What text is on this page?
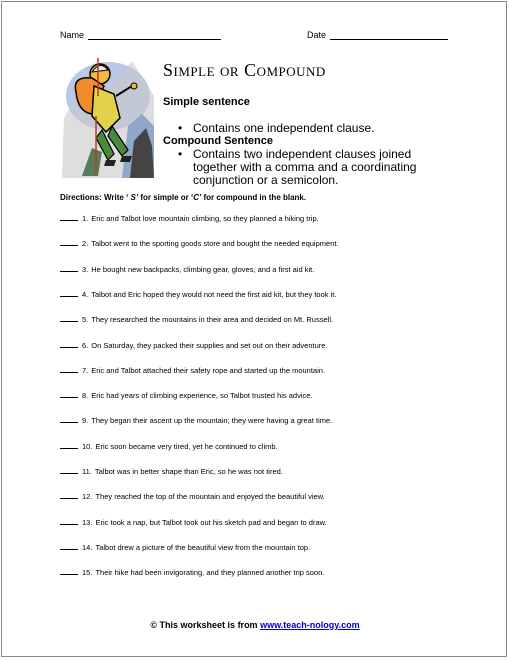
Name	Date
Simple or Compound
Simple sentence
• Contains one independent clause.
Compound Sentence
• Contains two independent clauses joined together with a comma and a coordinating conjunction or a semicolon.
Directions: Write ‘ S’ for simple or ‘C’ for compound in the blank.
1. Eric and Talbot love mountain climbing, so they planned a hiking trip.
2. Talbot went to the sporting goods store and bought the needed equipment.
3. He bought new backpacks, climbing gear, gloves, and a first aid kit.
4. Talbot and Eric hoped they would not need the first aid kit, but they took it.
5. They researched the mountains in their area and decided on Mt. Russell.
6. On Saturday, they packed their supplies and set out on their adventure.
7. Eric and Talbot attached their safety rope and started up the mountain.
8. Eric had years of climbing experience, so Talbot trusted his advice.
9. They began their ascent up the mountain; they were having a great time.
10. Eric soon became very tired, yet he continued to climb.
11. Talbot was in better shape than Eric, so he was not tired.
12. They reached the top of the mountain and enjoyed the beautiful view.
13. Eric took a nap, but Talbot took out his sketch pad and began to draw.
14. Talbot drew a picture of the beautiful view from the mountain top.
15. Their hike had been invigorating, and they planned another trip soon.
© This worksheet is from www.teach-nology.com
